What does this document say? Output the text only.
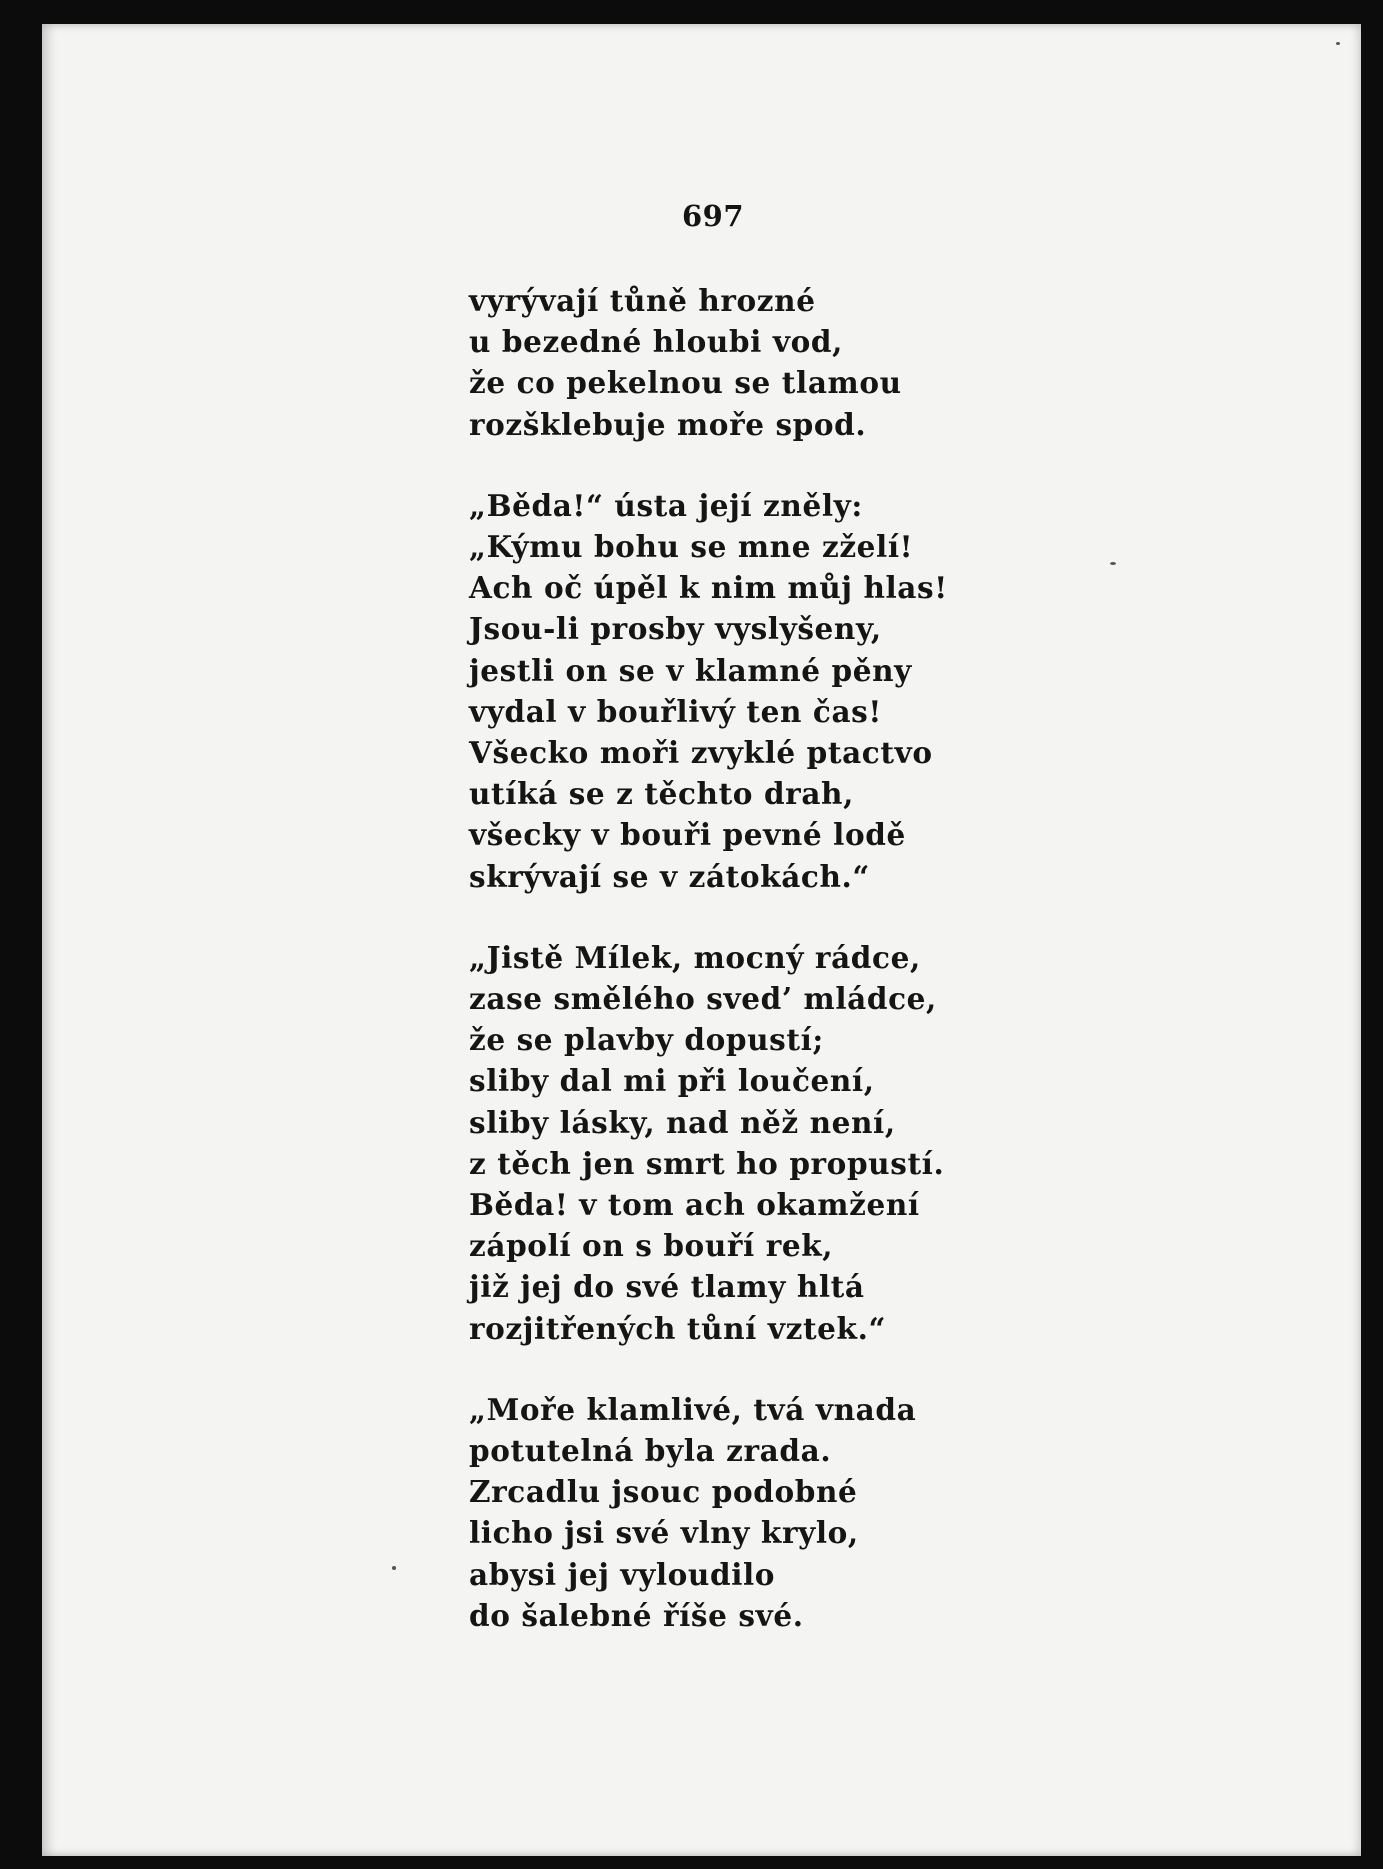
697
vyrývají tůně hrozné
u bezedné hloubi vod,
že co pekelnou se tlamou
rozšklebuje moře spod.
„Běda!“ ústa její zněly:
„Kýmu bohu se mne zželí!
Ach oč úpěl k nim můj hlas!
Jsou-li prosby vyslyšeny,
jestli on se v klamné pěny
vydal v bouřlivý ten čas!
Všecko moři zvyklé ptactvo
utíká se z těchto drah,
všecky v bouři pevné lodě
skrývají se v zátokách.“
„Jistě Mílek, mocný rádce,
zase smělého sved’ mládce,
že se plavby dopustí;
sliby dal mi při loučení,
sliby lásky, nad něž není,
z těch jen smrt ho propustí.
Běda! v tom ach okamžení
zápolí on s bouří rek,
již jej do své tlamy hltá
rozjitřených tůní vztek.“
„Moře klamlivé, tvá vnada
potutelná byla zrada.
Zrcadlu jsouc podobné
licho jsi své vlny krylo,
abysi jej vyloudilo
do šalebné říše své.
